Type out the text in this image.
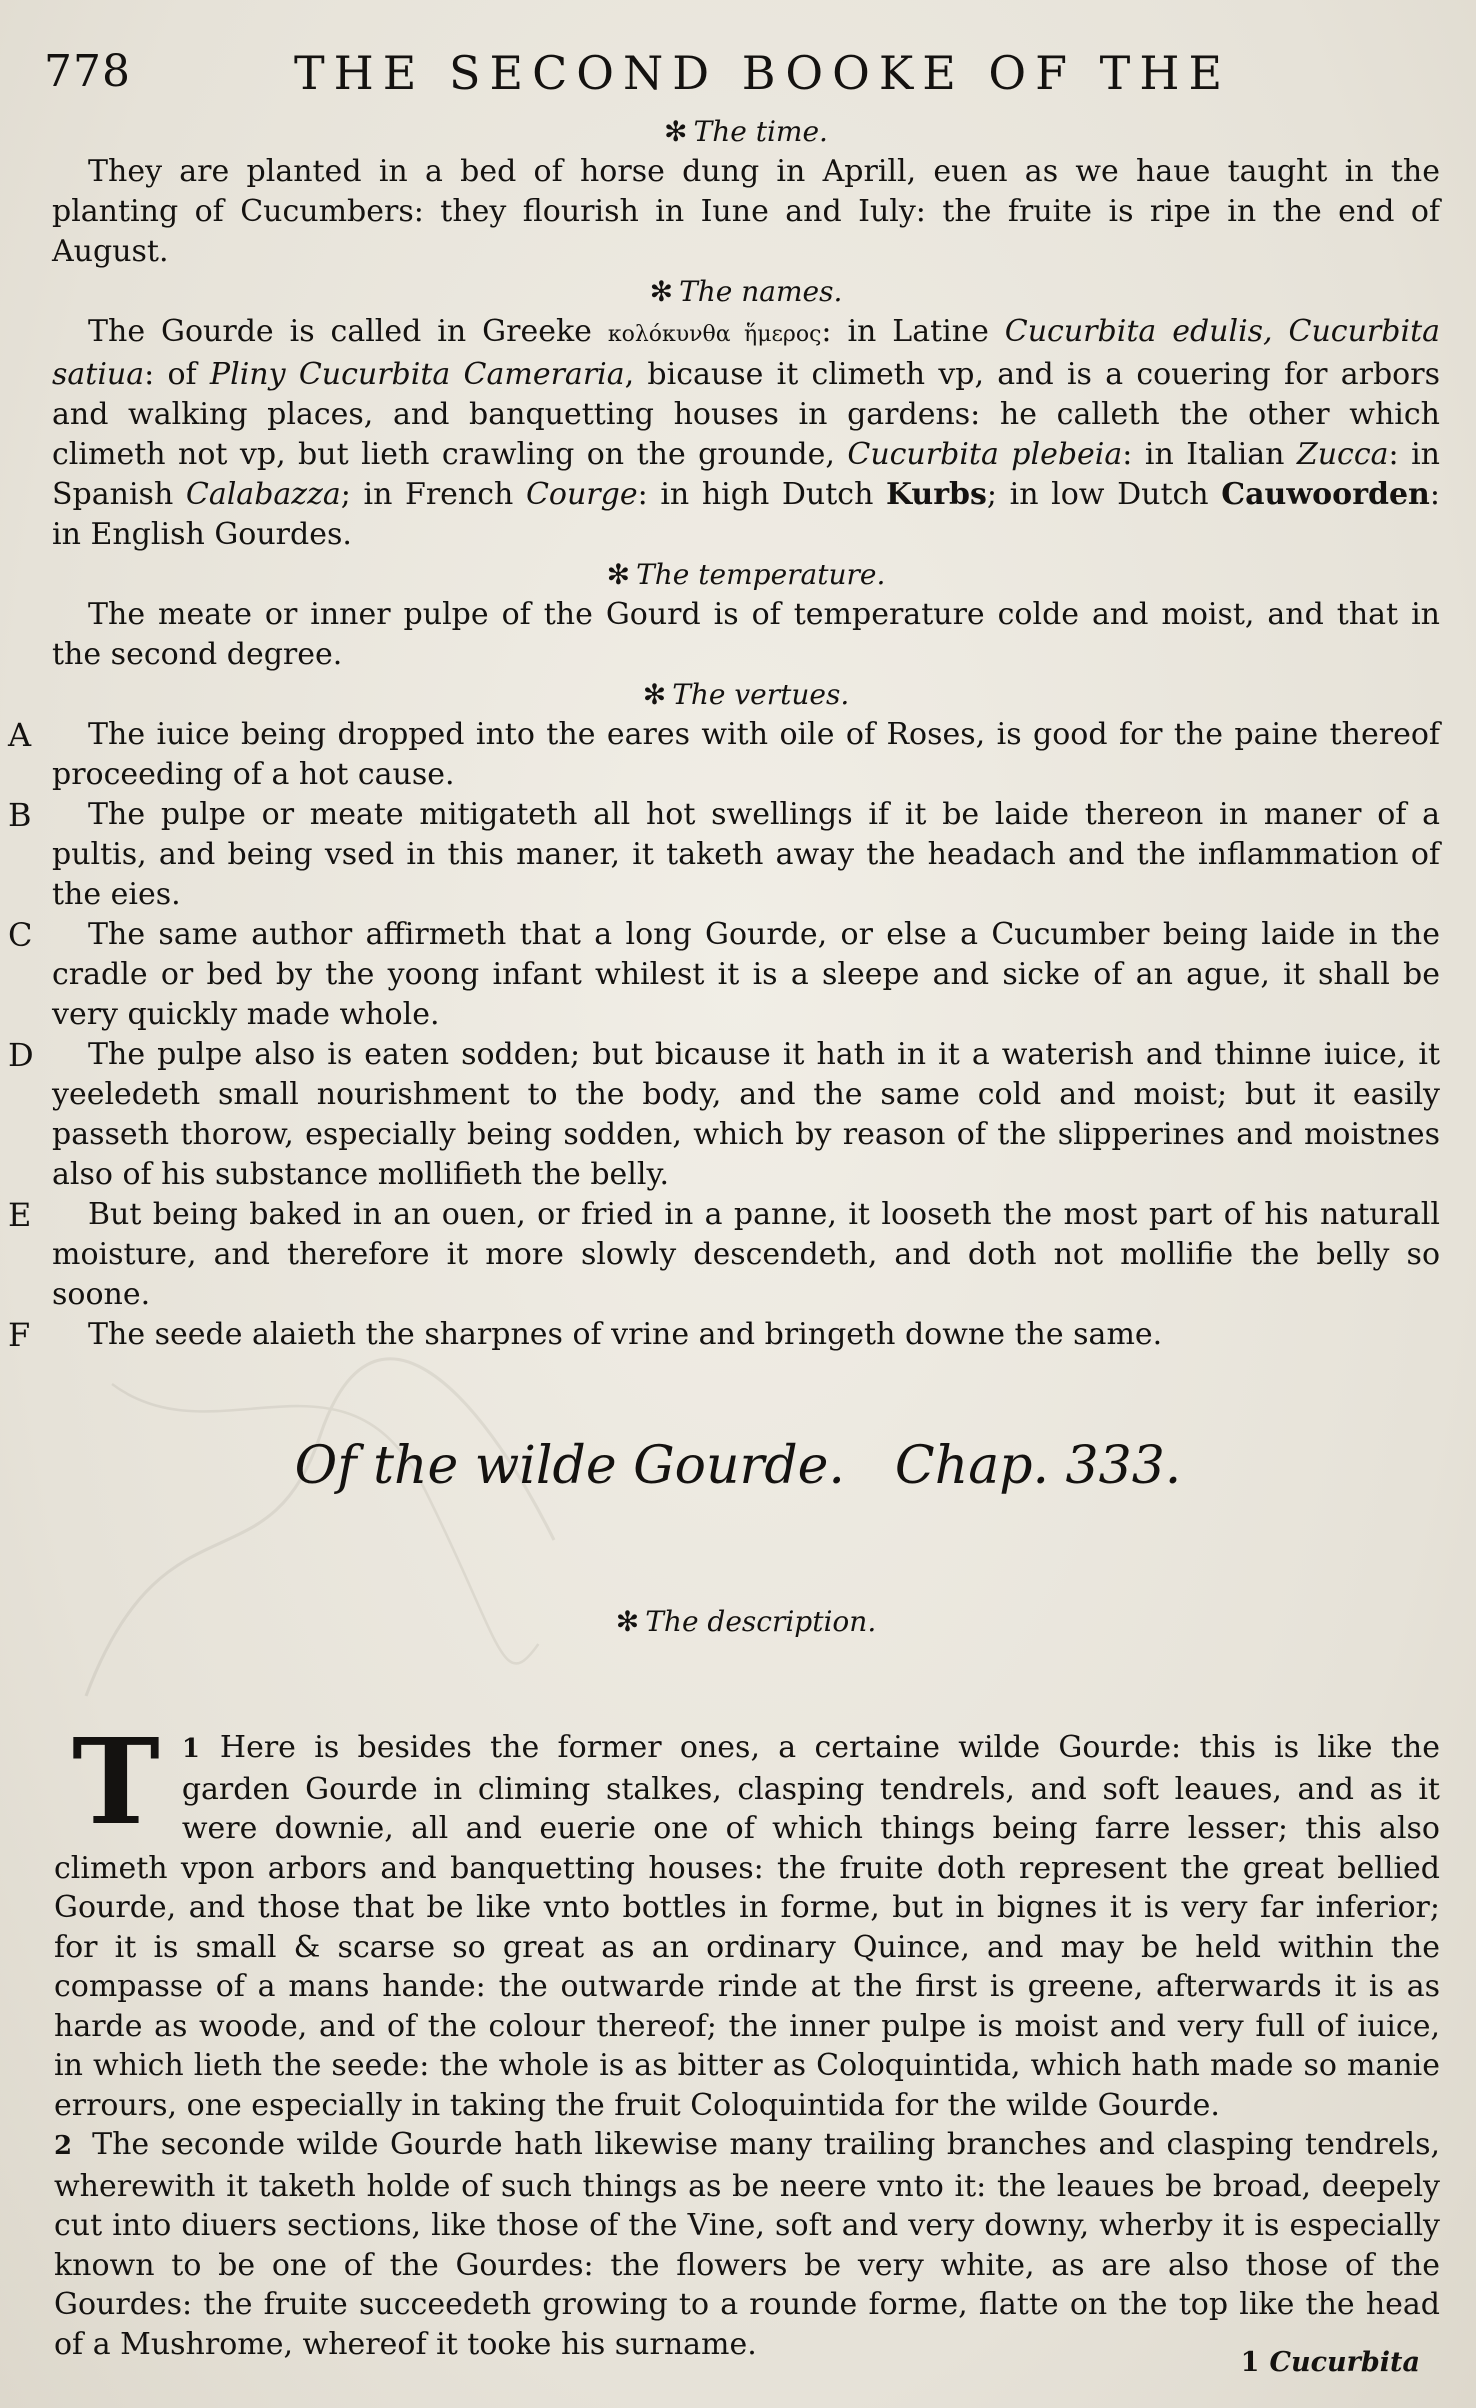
778	THE SECOND BOOKE OF THE

✻ The time.

They are planted in a bed of horse dung in Aprill, euen as we haue taught in the planting of Cucumbers: they flourish in Iune and Iuly: the fruite is ripe in the end of August.

✻ The names.

The Gourde is called in Greeke κολόκυνθα ἥμερος: in Latine Cucurbita edulis, Cucurbita satiua: of Pliny Cucurbita Cameraria, bicause it climeth vp, and is a couering for arbors and walking places, and banquetting houses in gardens: he calleth the other which climeth not vp, but lieth crawling on the grounde, Cucurbita plebeia: in Italian Zucca: in Spanish Calabazza; in French Courge: in high Dutch Kurbs; in low Dutch Cauwoorden: in English Gourdes.

✻ The temperature.

The meate or inner pulpe of the Gourd is of temperature colde and moist, and that in the second degree.

✻ The vertues.

A The iuice being dropped into the eares with oile of Roses, is good for the paine thereof proceeding of a hot cause.

B The pulpe or meate mitigateth all hot swellings if it be laide thereon in maner of a pultis, and being vsed in this maner, it taketh away the headach and the inflammation of the eies.

C The same author affirmeth that a long Gourde, or else a Cucumber being laide in the cradle or bed by the yoong infant whilest it is a sleepe and sicke of an ague, it shall be very quickly made whole.

D The pulpe also is eaten sodden; but bicause it hath in it a waterish and thinne iuice, it yeeledeth small nourishment to the body, and the same cold and moist; but it easily passeth thorow, especially being sodden, which by reason of the slipperines and moistnes also of his substance mollifieth the belly.

E But being baked in an ouen, or fried in a panne, it looseth the most part of his naturall moisture, and therefore it more slowly descendeth, and doth not mollifie the belly so soone.

F The seede alaieth the sharpnes of vrine and bringeth downe the same.

Of the wilde Gourde. Chap. 333.

✻ The description.

1
T Here is besides the former ones, a certaine wilde Gourde: this is like the garden Gourde in climing stalkes, clasping tendrels, and soft leaues, and as it were downie, all and euerie one of which things being farre lesser; this also climeth vpon arbors and banquetting houses: the fruite doth represent the great bellied Gourde, and those that be like vnto bottles in forme, but in bignes it is very far inferior; for it is small & scarse so great as an ordinary Quince, and may be held within the compasse of a mans hande: the outwarde rinde at the first is greene, afterwards it is as harde as woode, and of the colour thereof; the inner pulpe is moist and very full of iuice, in which lieth the seede: the whole is as bitter as Coloquintida, which hath made so manie errours, one especially in taking the fruit Coloquintida for the wilde Gourde.

2 The seconde wilde Gourde hath likewise many trailing branches and clasping tendrels, wherewith it taketh holde of such things as be neere vnto it: the leaues be broad, deepely cut into diuers sections, like those of the Vine, soft and very downy, wherby it is especially known to be one of the Gourdes: the flowers be very white, as are also those of the Gourdes: the fruite succeedeth growing to a rounde forme, flatte on the top like the head of a Mushrome, whereof it tooke his surname.

1 Cucurbita
